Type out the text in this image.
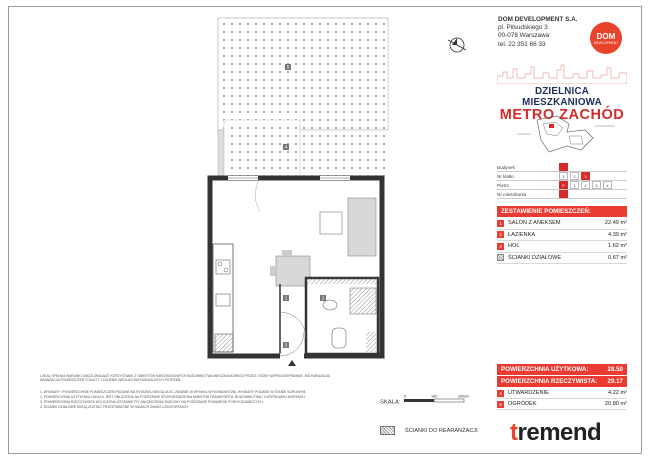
5
4
1	2
3
DOM DEVELOPMENT S.A.
pl. Piłsudskiego 3
00-078 Warszawa
tel. 22 351 66 33
DOM
DEVELOPMENT
DZIELNICA MIESZKANIOWA
METRO ZACHÓD
Budynek
Nr klatki	1	2	3
Piętro	P	1	2	3	4
Nr mieszkania
ZESTAWIENIE POMIESZCZEŃ:
1	SALON Z ANEKSEM	22.49 m²
2	ŁAZIENKA	4.39 m²
3	HOL	1.62 m²
ŚCIANKI DZIAŁOWE	0.67 m²
POWIERZCHNIA UŻYTKOWA:	28.50
POWIERZCHNIA RZECZYWISTA: 29.17
4	UTWARDZENIE	4.22 m²
5	OGRÓDEK	20.80 m²
LOKAL SPEŁNIA WARUNKI UMOŻLIWIAJĄCE KORZYSTANIE Z OBIEKTÓW MIESZKANIOWYCH BUDOWNICTWA MIESZKANIOWEGO PRZEZ OSOBY NIEPEŁNOSPRAWNE, INDYWIDUALNA ARANŻACJA POMIESZCZEŃ TOALETY I ŁAZIENKI WEDŁUG INDYWIDUALNYCH POTRZEB.

1. WYMIARY I POWIERZCHNIE POMIESZCZEŃ PODANE NA RYSUNKU MOGĄ ULEC ZMIANIE W WYNIKU WYKONAWSTWA, WYMIARY PODANE W STANIE SUROWYM.

2. POWIERZCHNIA UŻYTKOWA LOKALU JEST OBLICZONA NA PODSTAWIE ROZPORZĄDZENIA MINISTRA TRANSPORTU, BUDOWNICTWA I GOSPODARKI MORSKIEJ.

3. POWIERZCHNIA RZECZYWISTA WYLICZONA ZOSTANIE PO ZAKOŃCZENIU BUDOWY NA PODSTAWIE POMIARÓW POWYKONAWCZYCH.

4. ŚCIANKI DZIAŁOWE MOGĄ ZOSTAĆ PRZESTAWIONE W RAMACH ZMIAN LOKATORSKICH.

SKALA:
0	100	200cm
ŚCIANKI DO REARANŻACJI tremend
